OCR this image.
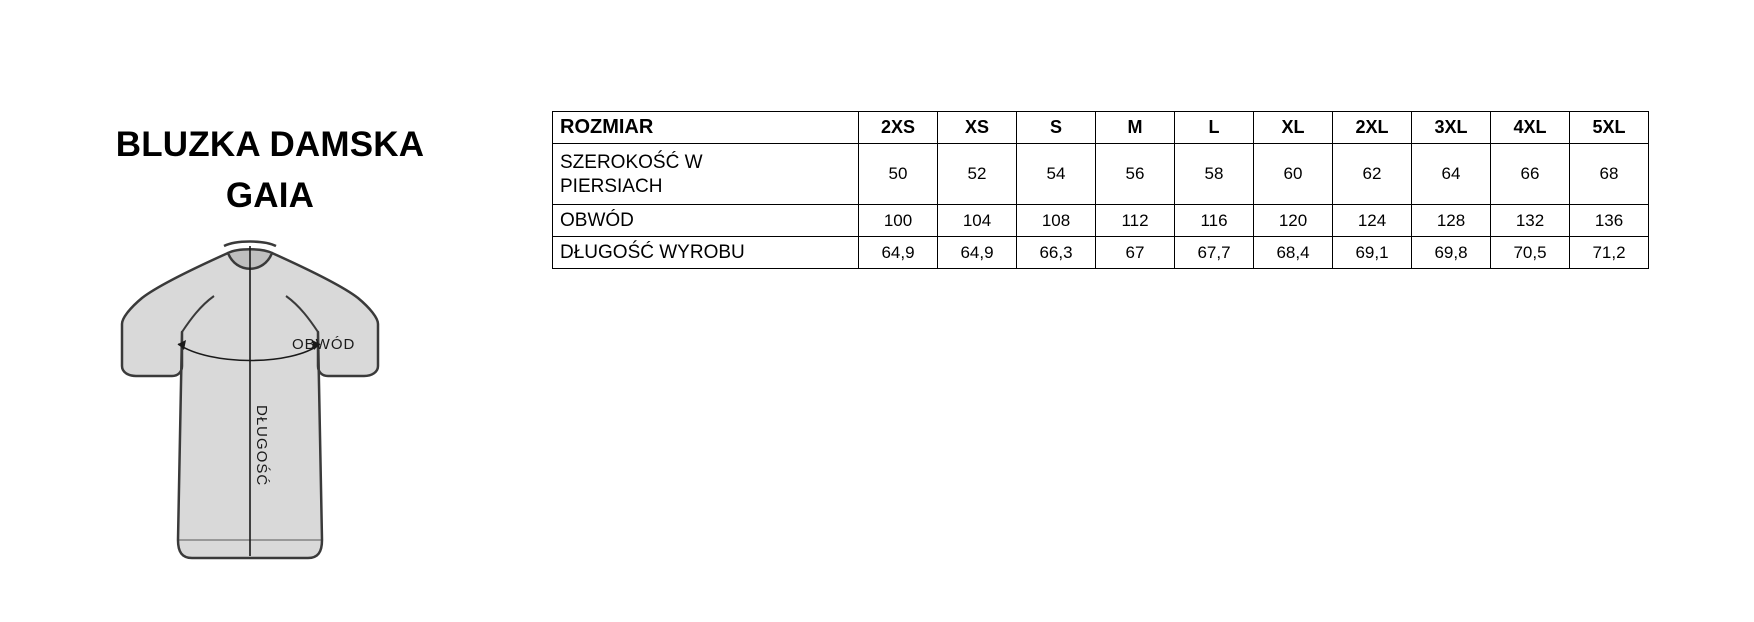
BLUZKA DAMSKA
GAIA
OBWÓD
DŁUGOŚĆ
ROZMIAR	2XS	XS	S	M	L	XL	2XL	3XL	4XL	5XL
SZEROKOŚĆ W
PIERSIACH	50	52	54	56	58	60	62	64	66	68
OBWÓD	100	104	108	112	116	120	124	128	132	136
DŁUGOŚĆ WYROBU	64,9	64,9	66,3	67	67,7	68,4	69,1	69,8	70,5	71,2
